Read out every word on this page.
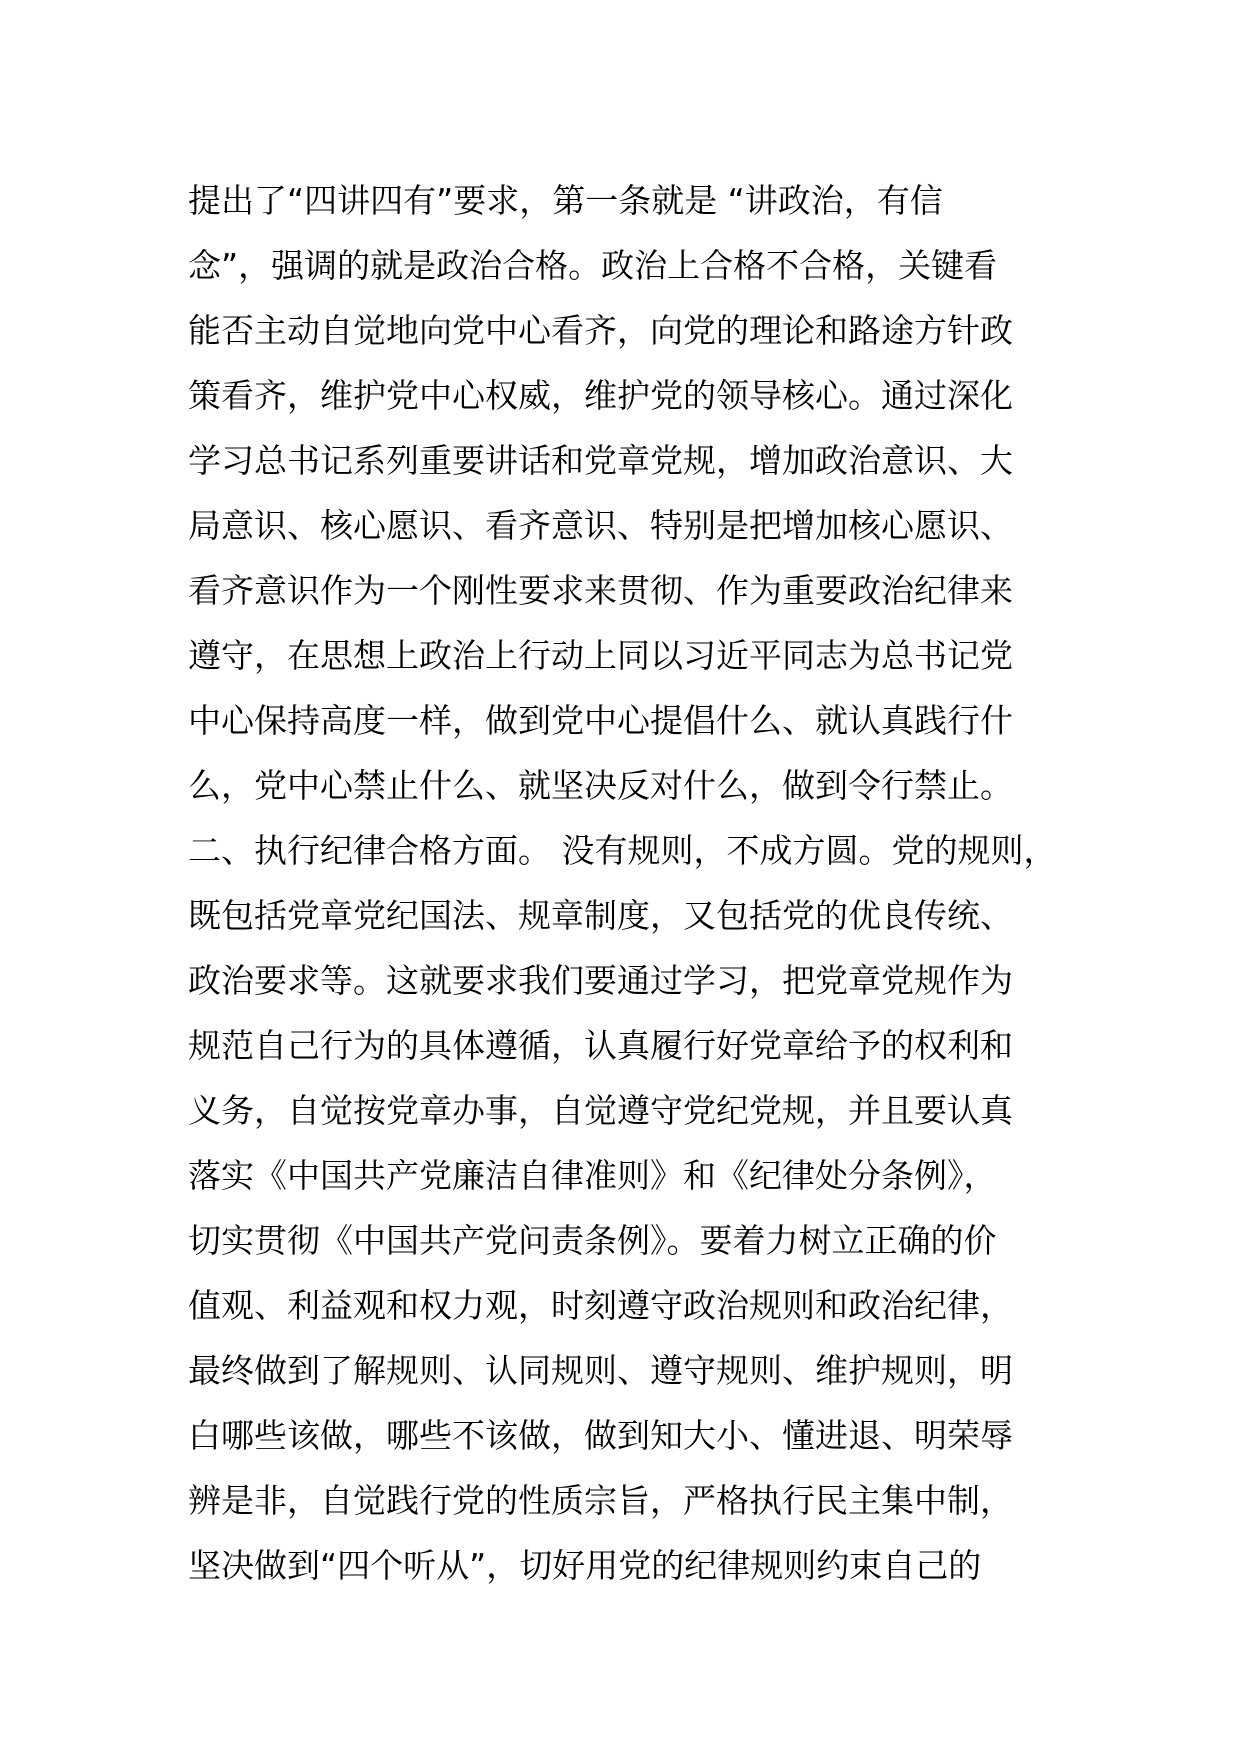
提出了“四讲四有”要求，第一条就是 “讲政治，有信
念”，强调的就是政治合格。政治上合格不合格，关键看
能否主动自觉地向党中心看齐，向党的理论和路途方针政
策看齐，维护党中心权威，维护党的领导核心。通过深化
学习总书记系列重要讲话和党章党规，增加政治意识、大
局意识、核心愿识、看齐意识、特别是把增加核心愿识、
看齐意识作为一个刚性要求来贯彻、作为重要政治纪律来
遵守，在思想上政治上行动上同以习近平同志为总书记党
中心保持高度一样，做到党中心提倡什么、就认真践行什
么，党中心禁止什么、就坚决反对什么，做到令行禁止。
二、执行纪律合格方面。 没有规则，不成方圆。党的规则，
既包括党章党纪国法、规章制度，又包括党的优良传统、
政治要求等。这就要求我们要通过学习，把党章党规作为
规范自己行为的具体遵循，认真履行好党章给予的权利和
义务，自觉按党章办事，自觉遵守党纪党规，并且要认真
落实《中国共产党廉洁自律准则》和《纪律处分条例》，
切实贯彻《中国共产党问责条例》。要着力树立正确的价
值观、利益观和权力观，时刻遵守政治规则和政治纪律，
最终做到了解规则、认同规则、遵守规则、维护规则，明
白哪些该做，哪些不该做，做到知大小、懂进退、明荣辱
辨是非，自觉践行党的性质宗旨，严格执行民主集中制，
坚决做到“四个听从”，切好用党的纪律规则约束自己的
